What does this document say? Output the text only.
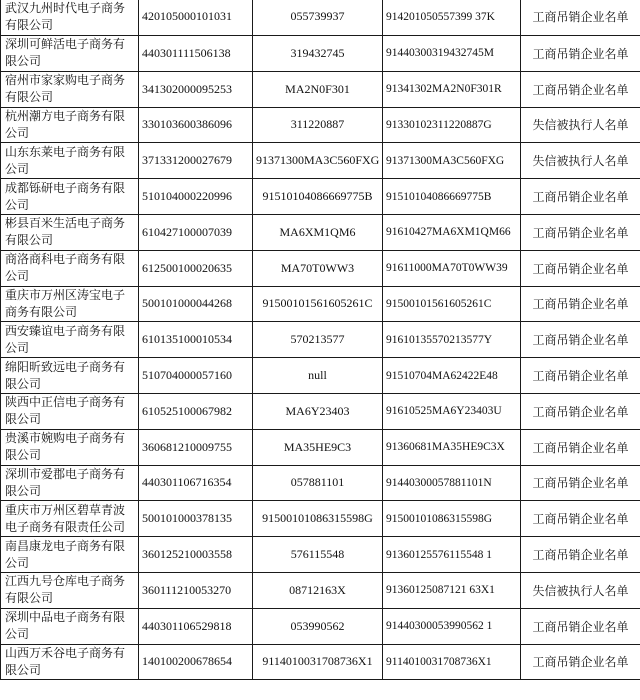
武汉九州时代电子商务有限公司	420105000101031	055739937	914201050557399 37K	工商吊销企业名单
深圳可鲜活电子商务有限公司	440301111506138	319432745	91440300319432745M	工商吊销企业名单
宿州市家家购电子商务有限公司	341302000095253	MA2N0F301	91341302MA2N0F301R	工商吊销企业名单
杭州潮方电子商务有限公司	330103600386096	311220887	91330102311220887G	失信被执行人名单
山东东莱电子商务有限公司	371331200027679	91371300MA3C560FXG	91371300MA3C560FXG	失信被执行人名单
成都铄研电子商务有限公司	510104000220996	91510104086669775B	91510104086669775B	工商吊销企业名单
彬县百米生活电子商务有限公司	610427100007039	MA6XM1QM6	91610427MA6XM1QM66	工商吊销企业名单
商洛商科电子商务有限公司	612500100020635	MA70T0WW3	91611000MA70T0WW39	工商吊销企业名单
重庆市万州区涛宝电子商务有限公司	500101000044268	91500101561605261C	91500101561605261C	工商吊销企业名单
西安臻谊电子商务有限公司	610135100010534	570213577	91610135570213577Y	工商吊销企业名单
绵阳昕致远电子商务有限公司	510704000057160	null	91510704MA62422E48	工商吊销企业名单
陕西中正信电子商务有限公司	610525100067982	MA6Y23403	91610525MA6Y23403U	工商吊销企业名单
贵溪市婉购电子商务有限公司	360681210009755	MA35HE9C3	91360681MA35HE9C3X	工商吊销企业名单
深圳市爱郡电子商务有限公司	440301106716354	057881101	91440300057881101N	工商吊销企业名单
重庆市万州区碧草青波电子商务有限责任公司	500101000378135	91500101086315598G	91500101086315598G	工商吊销企业名单
南昌康龙电子商务有限公司	360125210003558	576115548	91360125576115548 1	工商吊销企业名单
江西九号仓库电子商务有限公司	360111210053270	08712163X	91360125087121 63X1	失信被执行人名单
深圳中品电子商务有限公司	440301106529818	053990562	91440300053990562 1	工商吊销企业名单
山西万禾谷电子商务有限公司	140100200678654	9114010031708736X1	9114010031708736X1	工商吊销企业名单
